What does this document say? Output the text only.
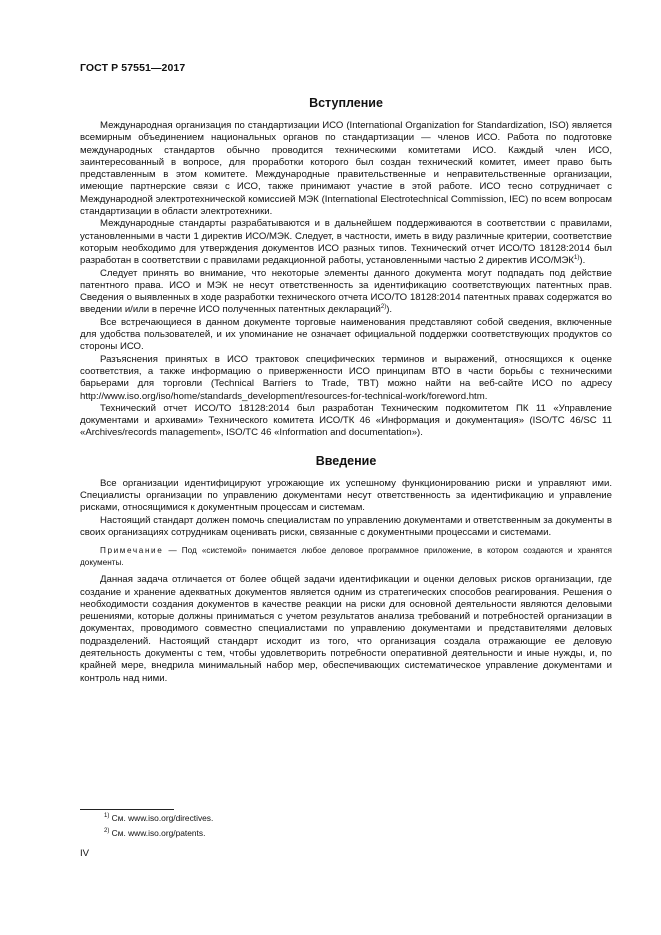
ГОСТ Р 57551—2017
Вступление

Международная организация по стандартизации ИСО (International Organization for Standardization, ISO) является всемирным объединением национальных органов по стандартизации — членов ИСО. Работа по подготовке международных стандартов обычно проводится техническими комитетами ИСО. Каждый член ИСО, заинтересованный в вопросе, для проработки которого был создан технический комитет, имеет право быть представленным в этом комитете. Международные правительственные и неправительственные организации, имеющие партнерские связи с ИСО, также принимают участие в этой работе. ИСО тесно сотрудничает с Международной электротехнической комиссией МЭК (International Electrotechnical Commission, IEC) по всем вопросам стандартизации в области электротехники.

Международные стандарты разрабатываются и в дальнейшем поддерживаются в соответствии с правилами, установленными в части 1 директив ИСО/МЭК. Следует, в частности, иметь в виду различные критерии, соответствие которым необходимо для утверждения документов ИСО разных типов. Технический отчет ИСО/ТО 18128:2014 был разработан в соответствии с правилами редакционной работы, установленными частью 2 директив ИСО/МЭК$^{1)}$).

Следует принять во внимание, что некоторые элементы данного документа могут подпадать под действие патентного права. ИСО и МЭК не несут ответственность за идентификацию соответствующих патентных прав. Сведения о выявленных в ходе разработки технического отчета ИСО/ТО 18128:2014 патентных правах содержатся во введении и/или в перечне ИСО полученных патентных деклараций$^{2)}$).

Все встречающиеся в данном документе торговые наименования представляют собой сведения, включенные для удобства пользователей, и их упоминание не означает официальной поддержки соответствующих продуктов со стороны ИСО.

Разъяснения принятых в ИСО трактовок специфических терминов и выражений, относящихся к оценке соответствия, а также информацию о приверженности ИСО принципам ВТО в части борьбы с техническими барьерами для торговли (Technical Barriers to Trade, TBT) можно найти на веб-сайте ИСО по адресу http://www.iso.org/iso/home/standards_development/resources-for-technical-work/foreword.htm.

Технический отчет ИСО/ТО 18128:2014 был разработан Техническим подкомитетом ПК 11 «Управление документами и архивами» Технического комитета ИСО/ТК 46 «Информация и документация» (ISO/TC 46/SC 11 «Archives/records management», ISO/TC 46 «Information and documentation»).

Введение

Все организации идентифицируют угрожающие их успешному функционированию риски и управляют ими. Специалисты организации по управлению документами несут ответственность за идентификацию и управление рисками, относящимися к документным процессам и системам.

Настоящий стандарт должен помочь специалистам по управлению документами и ответственным за документы в своих организациях сотрудникам оценивать риски, связанные с документными процессами и системами.

Примечание — Под «системой» понимается любое деловое программное приложение, в котором создаются и хранятся документы.

Данная задача отличается от более общей задачи идентификации и оценки деловых рисков организации, где создание и хранение адекватных документов является одним из стратегических способов реагирования. Решения о необходимости создания документов в качестве реакции на риски для основной деятельности являются деловыми решениями, которые должны приниматься с учетом результатов анализа требований и потребностей организации в документах, проводимого совместно специалистами по управлению документами и представителями деловых подразделений. Настоящий стандарт исходит из того, что организация создала отражающие ее деловую деятельность документы с тем, чтобы удовлетворить потребности оперативной деятельности и иные нужды, и, по крайней мере, внедрила минимальный набор мер, обеспечивающих систематическое управление документами и контроль над ними.

$^{1)}$ См. www.iso.org/directives.
$^{2)}$ См. www.iso.org/patents.
IV
